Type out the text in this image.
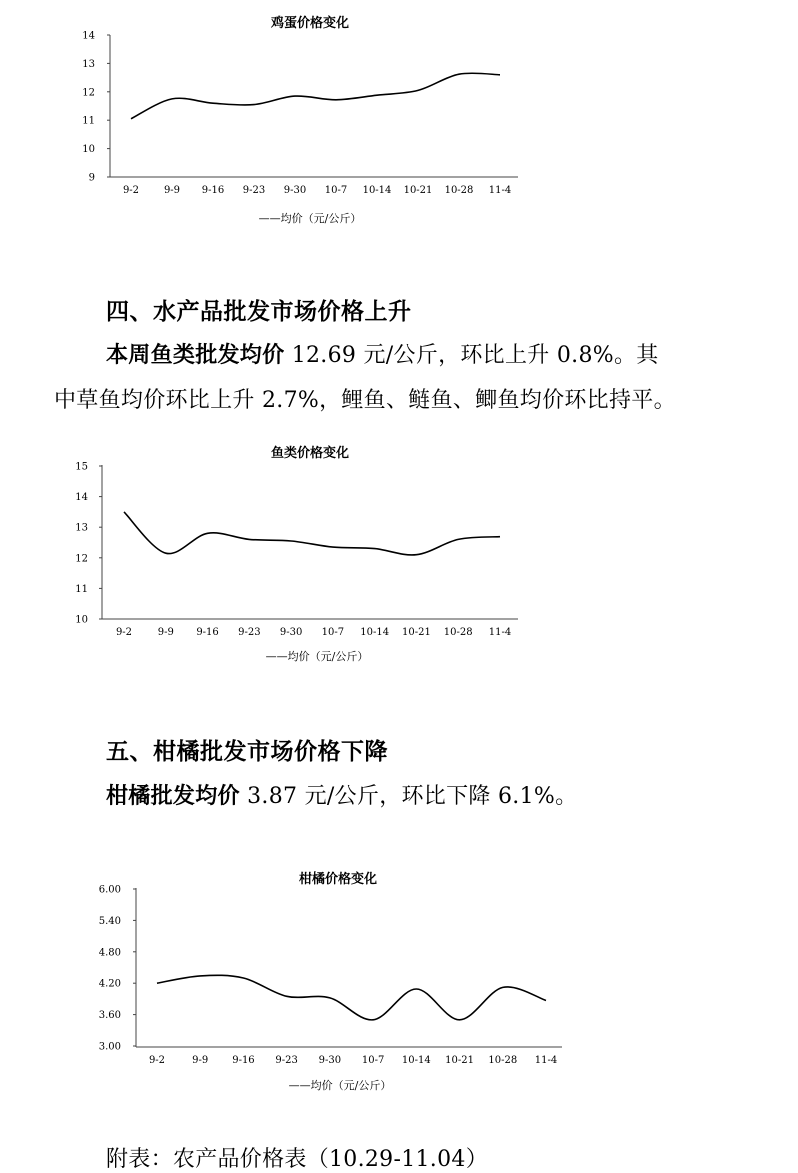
鸡蛋价格变化
14
13
12
11
10
9
9-2 9-9 9-16 9-23 9-30 10-7 10-14 10-21 10-28 11-4
——均价（元/公斤）
四、水产品批发市场价格上升
本周鱼类批发均价 12.69 元/公斤，环比上升 0.8%。其
中草鱼均价环比上升 2.7%，鲤鱼、鲢鱼、鲫鱼均价环比持平。
鱼类价格变化
15
14
13
12
11
10
9-2	9-9 9-16 9-23 9-30 10-7 10-14 10-21 10-28 11-4
——均价（元/公斤）
五、柑橘批发市场价格下降
柑橘批发均价 3.87 元/公斤，环比下降 6.1%。
柑橘价格变化
6.00
5.40
4.80
4.20
3.60
3.00
9-2	9-9 9-16 9-23 9-30 10-7 10-14 10-21 10-28 11-4
——均价（元/公斤）
附表：农产品价格表（10.29-11.04）
